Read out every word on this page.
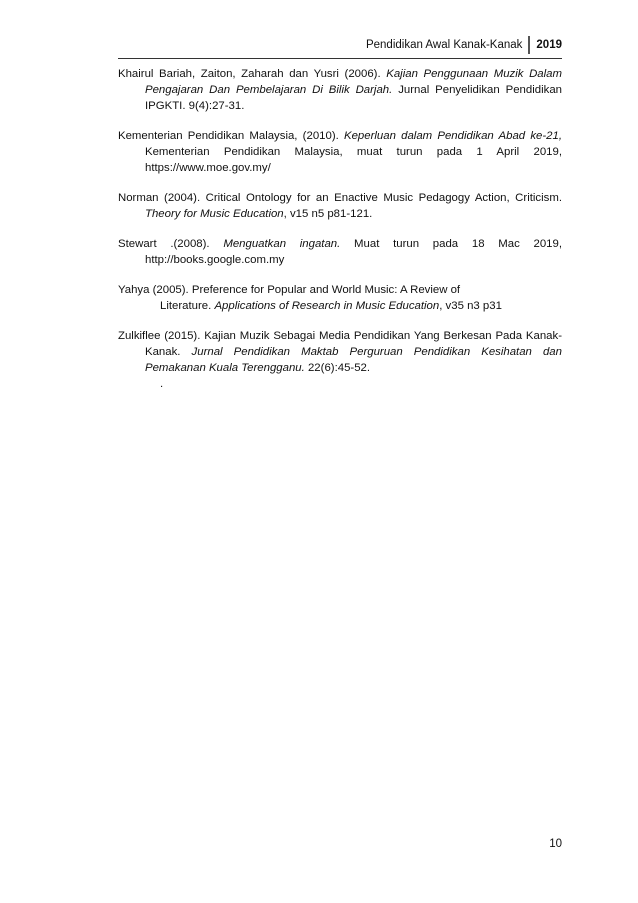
Pendidikan Awal Kanak-Kanak	2019

Khairul Bariah, Zaiton, Zaharah dan Yusri (2006). Kajian Penggunaan Muzik Dalam Pengajaran Dan Pembelajaran Di Bilik Darjah. Jurnal Penyelidikan Pendidikan IPGKTI. 9(4):27-31.

Kementerian Pendidikan Malaysia, (2010). Keperluan dalam Pendidikan Abad ke-21, Kementerian Pendidikan Malaysia, muat turun pada 1 April 2019, https://www.moe.gov.my/

Norman (2004). Critical Ontology for an Enactive Music Pedagogy Action, Criticism. Theory for Music Education, v15 n5 p81-121.

Stewart .(2008). Menguatkan ingatan. Muat turun pada 18 Mac 2019, http://books.google.com.my

Yahya (2005). Preference for Popular and World Music: A Review of
Literature. Applications of Research in Music Education, v35 n3 p31

Zulkiflee (2015). Kajian Muzik Sebagai Media Pendidikan Yang Berkesan Pada Kanak-Kanak. Jurnal Pendidikan Maktab Perguruan Pendidikan Kesihatan dan Pemakanan Kuala Terengganu. 22(6):45-52.

.
10
